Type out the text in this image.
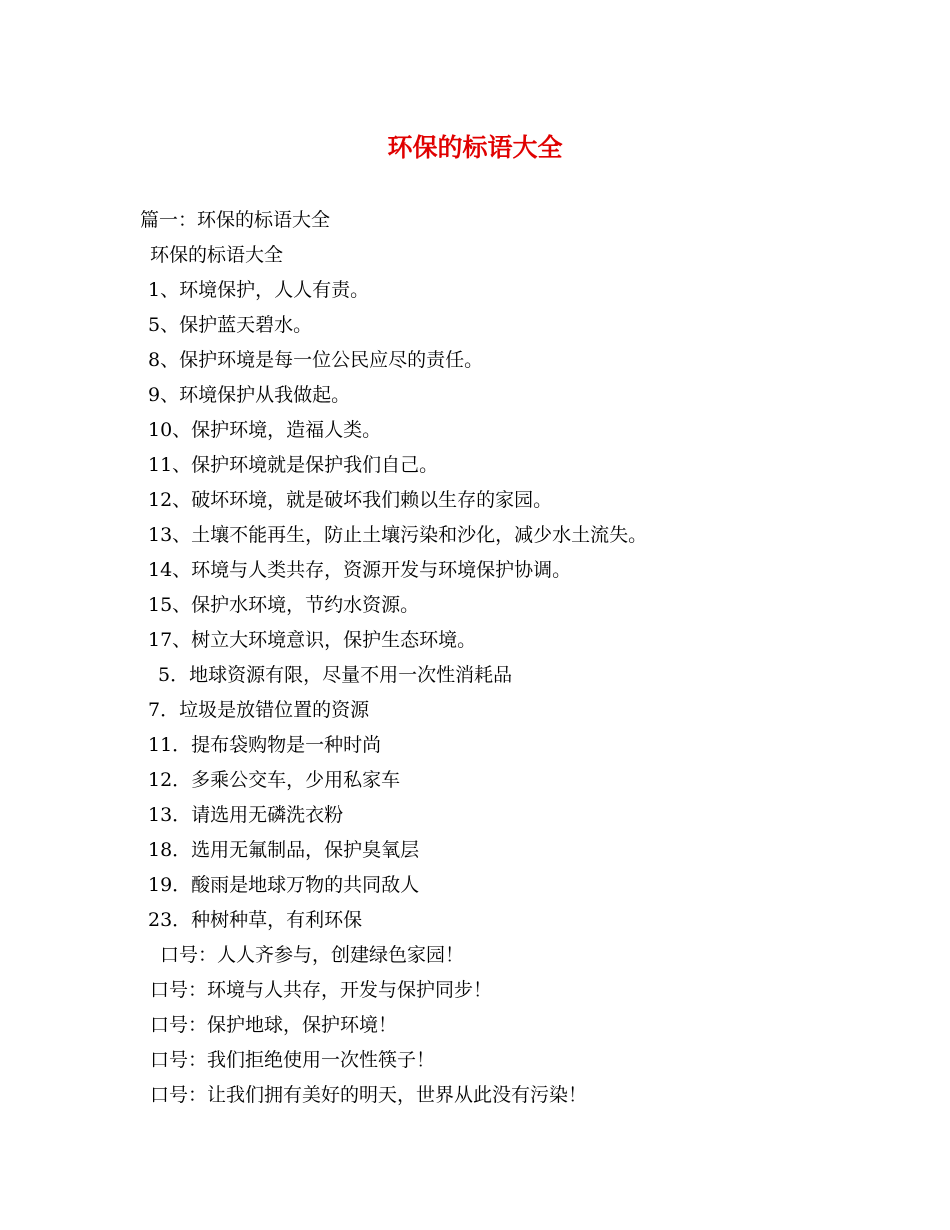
环保的标语大全
篇一：环保的标语大全
环保的标语大全
1、环境保护，人人有责。
5、保护蓝天碧水。
8、保护环境是每一位公民应尽的责任。
9、环境保护从我做起。
10、保护环境，造福人类。
11、保护环境就是保护我们自己。
12、破坏环境，就是破坏我们赖以生存的家园。
13、土壤不能再生，防止土壤污染和沙化，减少水土流失。
14、环境与人类共存，资源开发与环境保护协调。
15、保护水环境，节约水资源。
17、树立大环境意识，保护生态环境。
5．地球资源有限，尽量不用一次性消耗品
7．垃圾是放错位置的资源
11．提布袋购物是一种时尚
12．多乘公交车，少用私家车
13．请选用无磷洗衣粉
18．选用无氟制品，保护臭氧层
19．酸雨是地球万物的共同敌人
23．种树种草，有利环保
口号：人人齐参与，创建绿色家园！
口号：环境与人共存，开发与保护同步！
口号：保护地球，保护环境！
口号：我们拒绝使用一次性筷子！
口号：让我们拥有美好的明天，世界从此没有污染！
